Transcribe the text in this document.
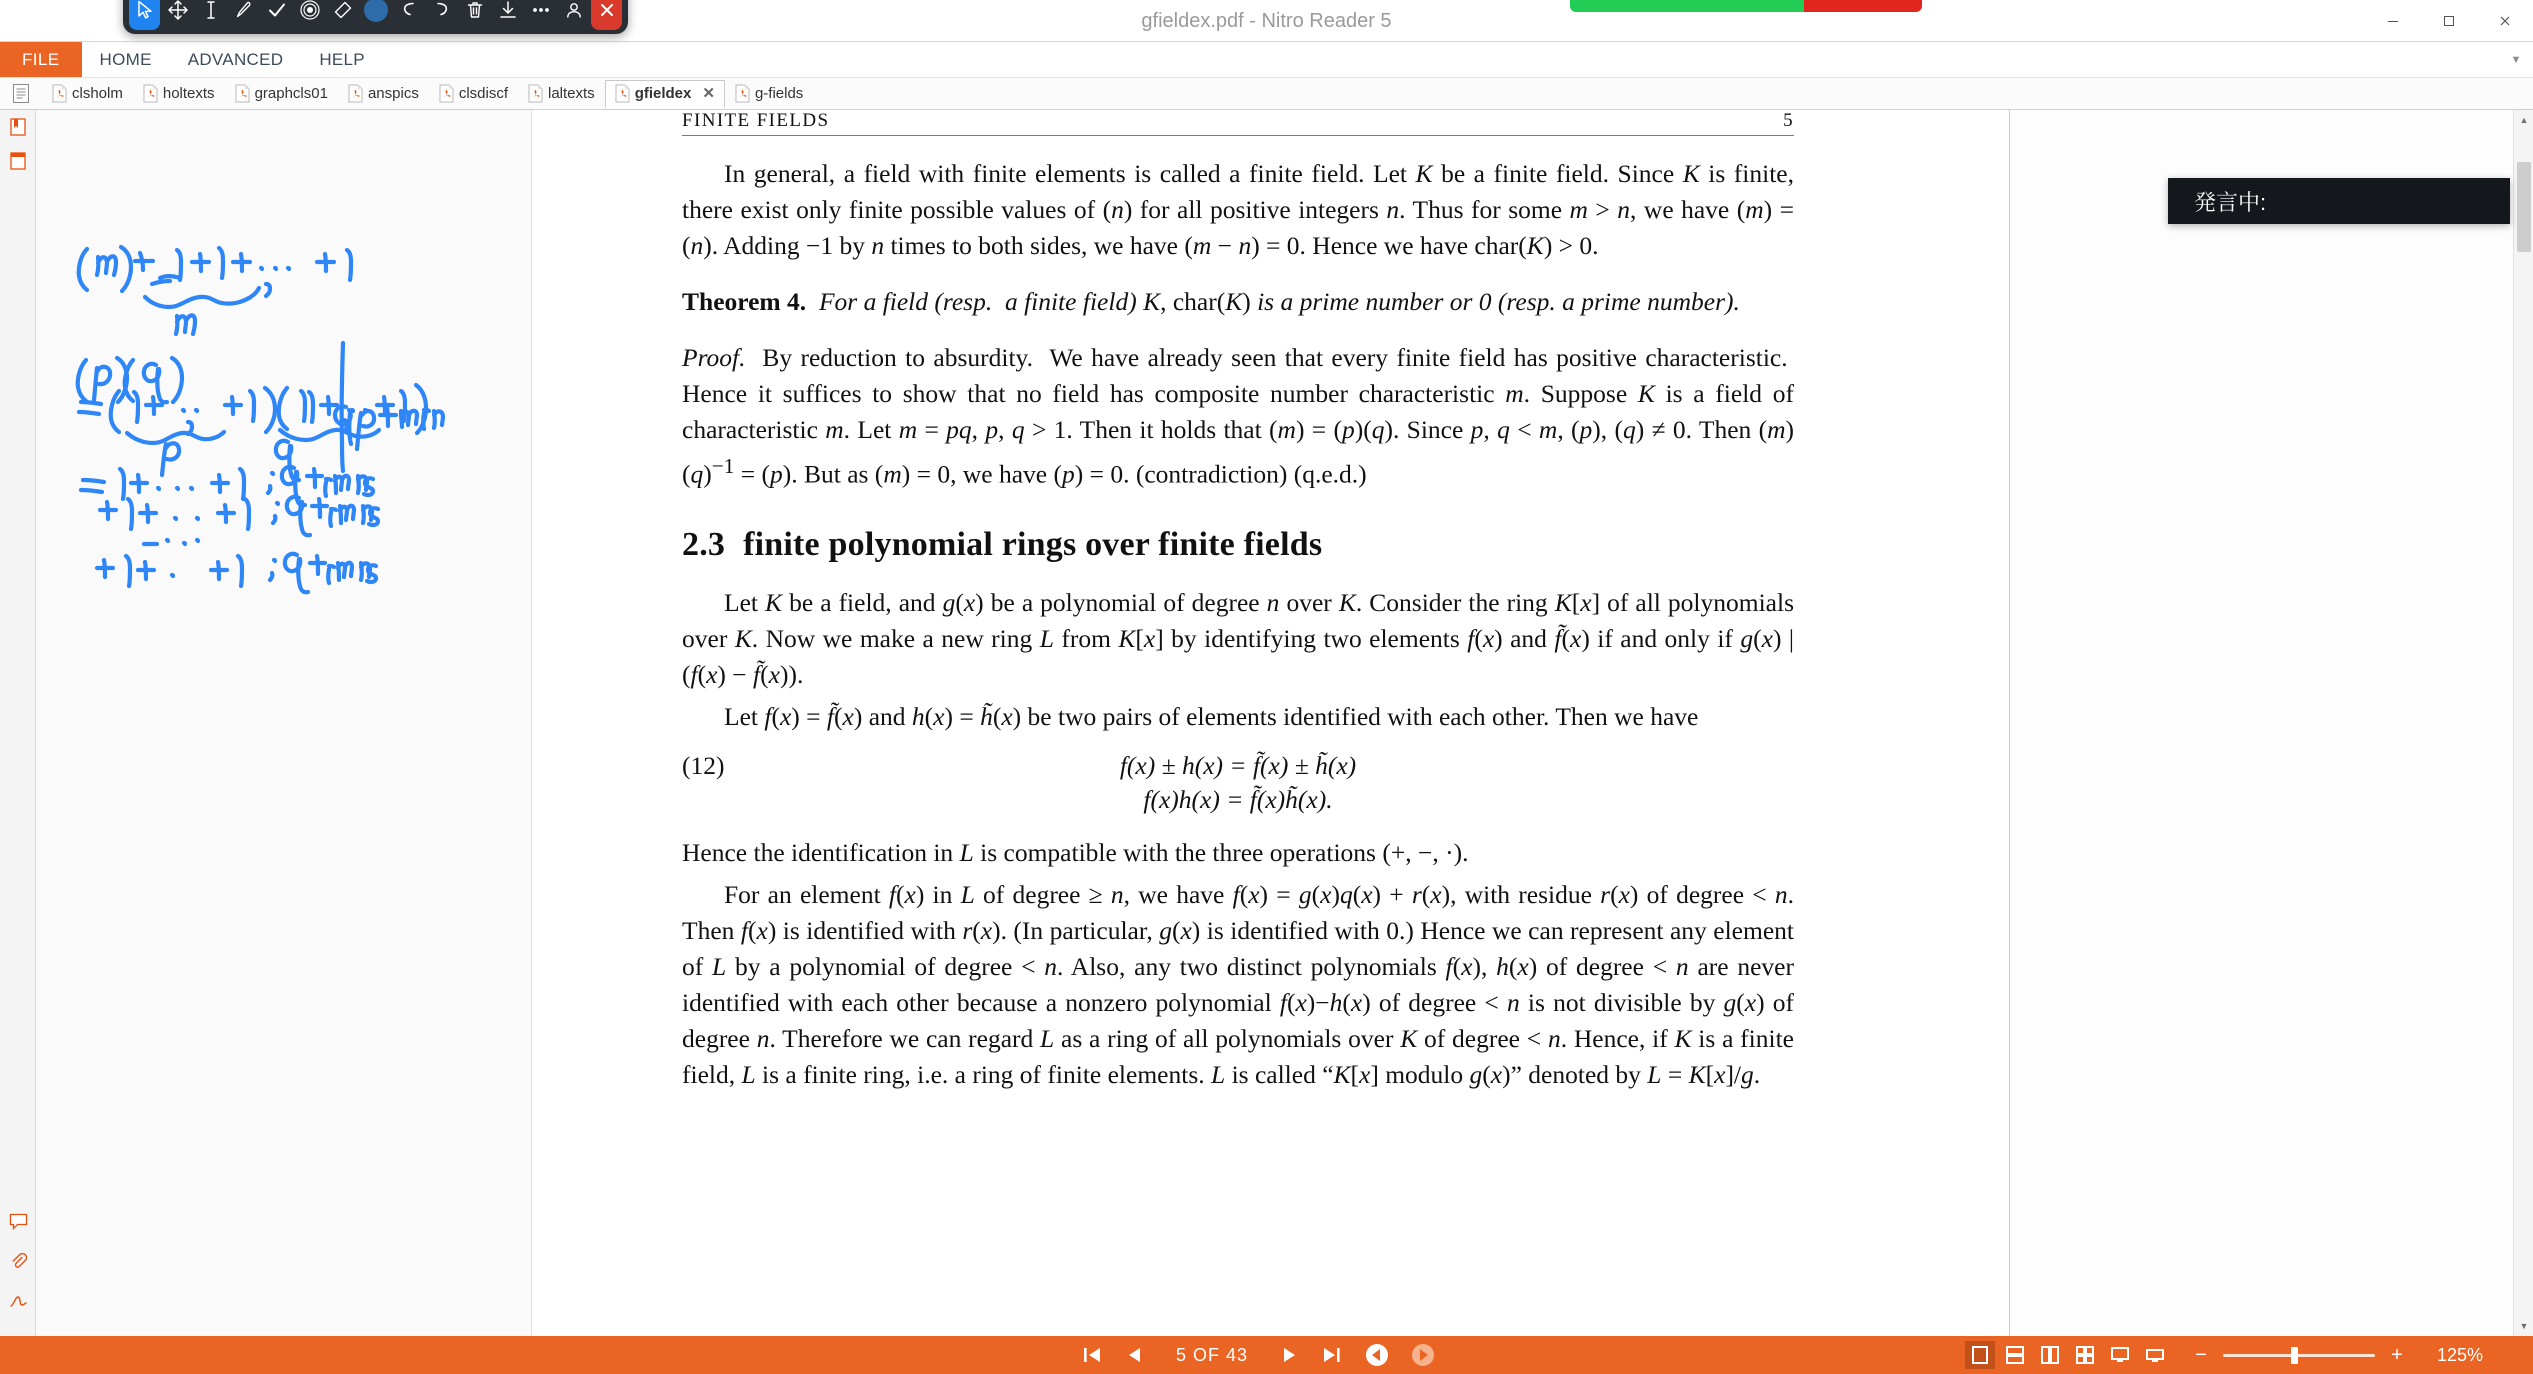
gfieldex.pdf - Nitro Reader 5
FILE	HOME	ADVANCED	HELP	▼
clsholm	holtexts	graphcls01	anspics	clsdiscf	laltexts	gfieldex ✕	g-fields
FINITE FIELDS	5

In general, a field with finite elements is called a finite field. Let K be a finite field. Since K is finite, there exist only finite possible values of (n) for all positive integers n. Thus for some m > n, we have (m) = (n). Adding −1 by n times to both sides, we have (m − n) = 0. Hence we have char(K) > 0.

Theorem 4. For a field (resp.  a finite field) K, char(K) is a prime number or 0 (resp. a prime number).

Proof.  By reduction to absurdity.  We have already seen that every finite field has positive characteristic.  Hence it suffices to show that no field has composite number characteristic m. Suppose K is a field of characteristic m. Let m = pq, p, q > 1. Then it holds that (m) = (p)(q). Since p, q < m, (p), (q) ≠ 0. Then $(m)(q)^{-1} = (p)$. But as (m) = 0, we have (p) = 0. (contradiction) (q.e.d.)

2.3 finite polynomial rings over finite fields

Let K be a field, and g(x) be a polynomial of degree n over K. Consider the ring K[x] of all polynomials over K. Now we make a new ring L from K[x] by identifying two elements f(x) and f̃(x) if and only if g(x) | (f(x) − f̃(x)).

Let f(x) = f̃(x) and h(x) = h̃(x) be two pairs of elements identified with each other. Then we have

(12)	f(x) ± h(x) = f̃(x) ± h̃(x)
f(x)h(x) = f̃(x)h̃(x).

Hence the identification in L is compatible with the three operations (+, −, ·).

For an element f(x) in L of degree ≥ n, we have f(x) = g(x)q(x) + r(x), with residue r(x) of degree < n. Then f(x) is identified with r(x). (In particular, g(x) is identified with 0.) Hence we can represent any element of L by a polynomial of degree < n. Also, any two distinct polynomials f(x), h(x) of degree < n are never identified with each other because a nonzero polynomial f(x)−h(x) of degree < n is not divisible by g(x) of degree n. Therefore we can regard L as a ring of all polynomials over K of degree < n. Hence, if K is a finite field, L is a finite ring, i.e. a ring of finite elements. L is called “K[x] modulo g(x)” denoted by L = K[x]/g.

▲
▼
発言中:
5 OF 43	−	+ 125%
